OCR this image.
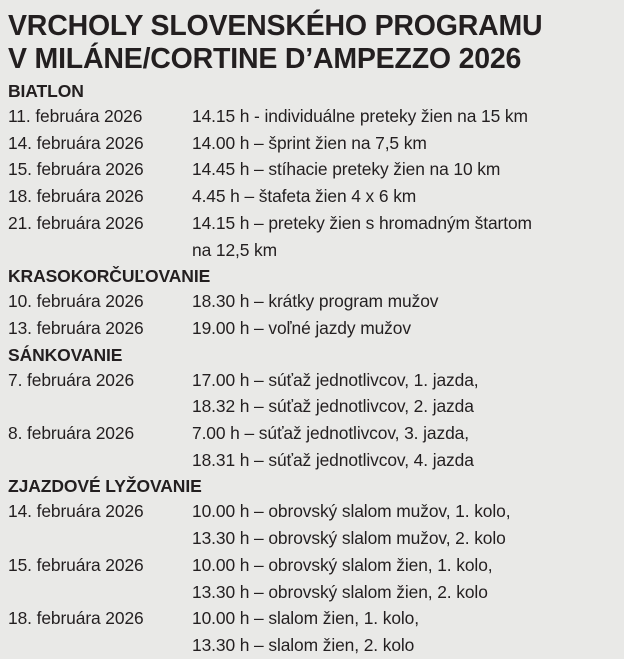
VRCHOLY SLOVENSKÉHO PROGRAMU
V MILÁNE/CORTINE D’AMPEZZO 2026
BIATLON
11. februára 2026	14.15 h - individuálne preteky žien na 15 km
14. februára 2026	14.00 h – šprint žien na 7,5 km
15. februára 2026	14.45 h – stíhacie preteky žien na 10 km
18. februára 2026	4.45 h – štafeta žien 4 x 6 km
21. februára 2026	14.15 h – preteky žien s hromadným štartom
na 12,5 km
KRASOKORČUĽOVANIE
10. februára 2026	18.30 h – krátky program mužov
13. februára 2026	19.00 h – voľné jazdy mužov
SÁNKOVANIE
7. februára 2026	17.00 h – súťaž jednotlivcov, 1. jazda,
18.32 h – súťaž jednotlivcov, 2. jazda
8. februára 2026	7.00 h – súťaž jednotlivcov, 3. jazda,
18.31 h – súťaž jednotlivcov, 4. jazda
ZJAZDOVÉ LYŽOVANIE
14. februára 2026	10.00 h – obrovský slalom mužov, 1. kolo,
13.30 h – obrovský slalom mužov, 2. kolo
15. februára 2026	10.00 h – obrovský slalom žien, 1. kolo,
13.30 h – obrovský slalom žien, 2. kolo
18. februára 2026	10.00 h – slalom žien, 1. kolo,
13.30 h – slalom žien, 2. kolo
